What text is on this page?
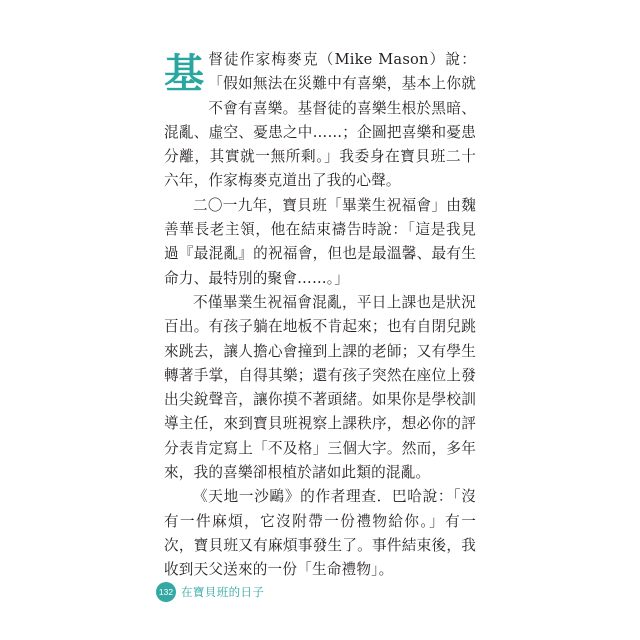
基督徒作家梅麥克（Mike Mason）說：「假如無法在災難中有喜樂，基本上你就不會有喜樂。基督徒的喜樂生根於黑暗、混亂、虛空、憂患之中……；企圖把喜樂和憂患分離，其實就一無所剩。」我委身在寶貝班二十六年，作家梅麥克道出了我的心聲。

二〇一九年，寶貝班「畢業生祝福會」由魏善華長老主領，他在結束禱告時說：「這是我見過『最混亂』的祝福會，但也是最溫馨、最有生命力、最特別的聚會……。」

不僅畢業生祝福會混亂，平日上課也是狀況百出。有孩子躺在地板不肯起來；也有自閉兒跳來跳去，讓人擔心會撞到上課的老師；又有學生轉著手掌，自得其樂；還有孩子突然在座位上發出尖銳聲音，讓你摸不著頭緒。如果你是學校訓導主任，來到寶貝班視察上課秩序，想必你的評分表肯定寫上「不及格」三個大字。然而，多年來，我的喜樂卻根植於諸如此類的混亂。

《天地一沙鷗》的作者理查．巴哈說：「沒有一件麻煩，它沒附帶一份禮物給你。」有一次，寶貝班又有麻煩事發生了。事件結束後，我收到天父送來的一份「生命禮物」。

132 在寶貝班的日子
